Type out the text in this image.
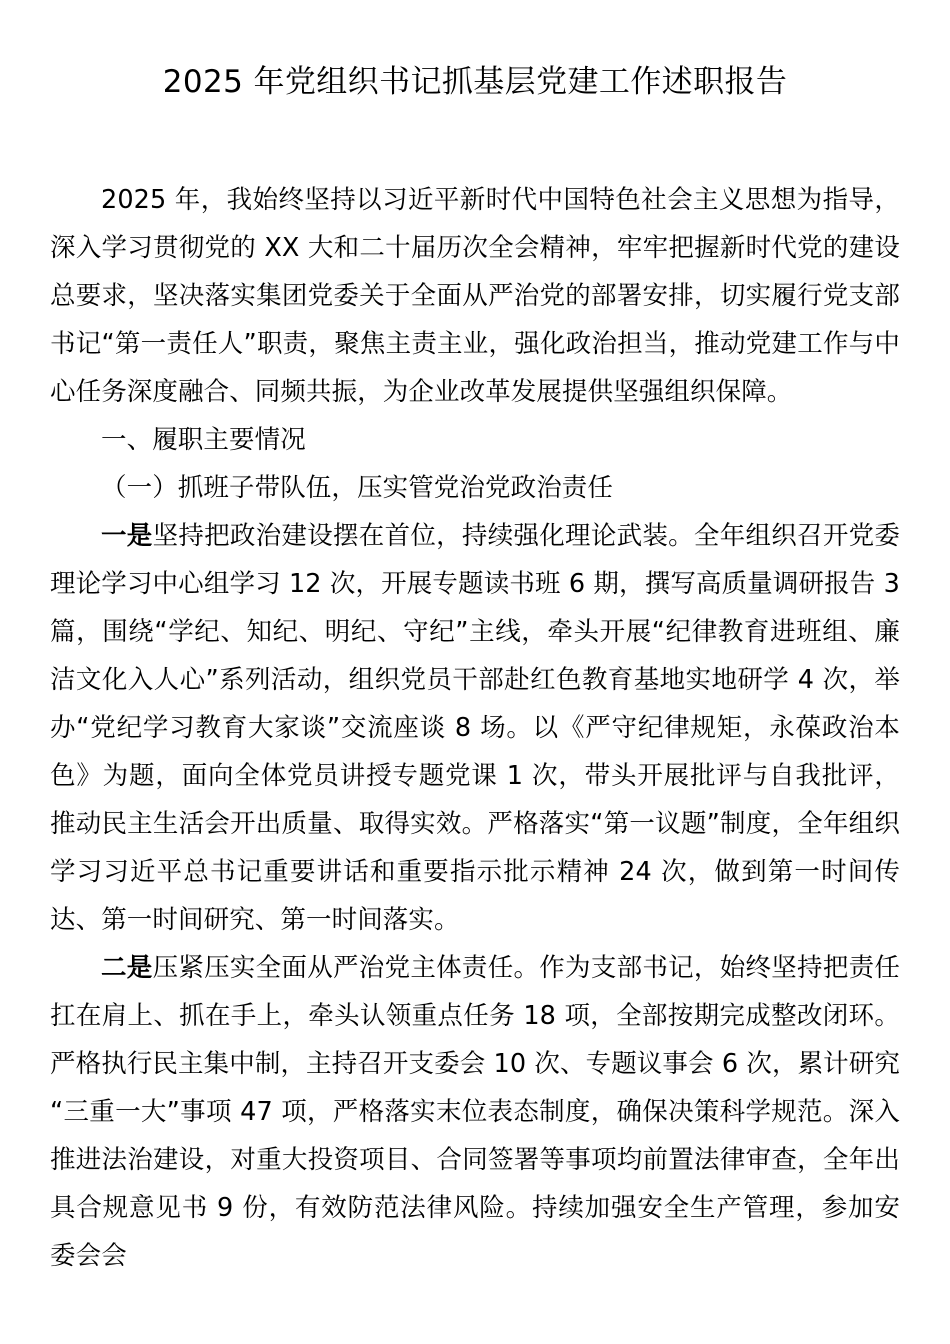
2025 年党组织书记抓基层党建工作述职报告

2025 年，我始终坚持以习近平新时代中国特色社会主义思想为指导，深入学习贯彻党的 XX 大和二十届历次全会精神，牢牢把握新时代党的建设总要求，坚决落实集团党委关于全面从严治党的部署安排，切实履行党支部书记“第一责任人”职责，聚焦主责主业，强化政治担当，推动党建工作与中心任务深度融合、同频共振，为企业改革发展提供坚强组织保障。

一、履职主要情况

（一）抓班子带队伍，压实管党治党政治责任

一是坚持把政治建设摆在首位，持续强化理论武装。全年组织召开党委理论学习中心组学习 12 次，开展专题读书班 6 期，撰写高质量调研报告 3 篇，围绕“学纪、知纪、明纪、守纪”主线，牵头开展“纪律教育进班组、廉洁文化入人心”系列活动，组织党员干部赴红色教育基地实地研学 4 次，举办“党纪学习教育大家谈”交流座谈 8 场。以《严守纪律规矩，永葆政治本色》为题，面向全体党员讲授专题党课 1 次，带头开展批评与自我批评，推动民主生活会开出质量、取得实效。严格落实“第一议题”制度，全年组织学习习近平总书记重要讲话和重要指示批示精神 24 次，做到第一时间传达、第一时间研究、第一时间落实。

二是压紧压实全面从严治党主体责任。作为支部书记，始终坚持把责任扛在肩上、抓在手上，牵头认领重点任务 18 项，全部按期完成整改闭环。严格执行民主集中制，主持召开支委会 10 次、专题议事会 6 次，累计研究“三重一大”事项 47 项，严格落实末位表态制度，确保决策科学规范。深入推进法治建设，对重大投资项目、合同签署等事项均前置法律审查，全年出具合规意见书 9 份，有效防范法律风险。持续加强安全生产管理，参加安委会会
